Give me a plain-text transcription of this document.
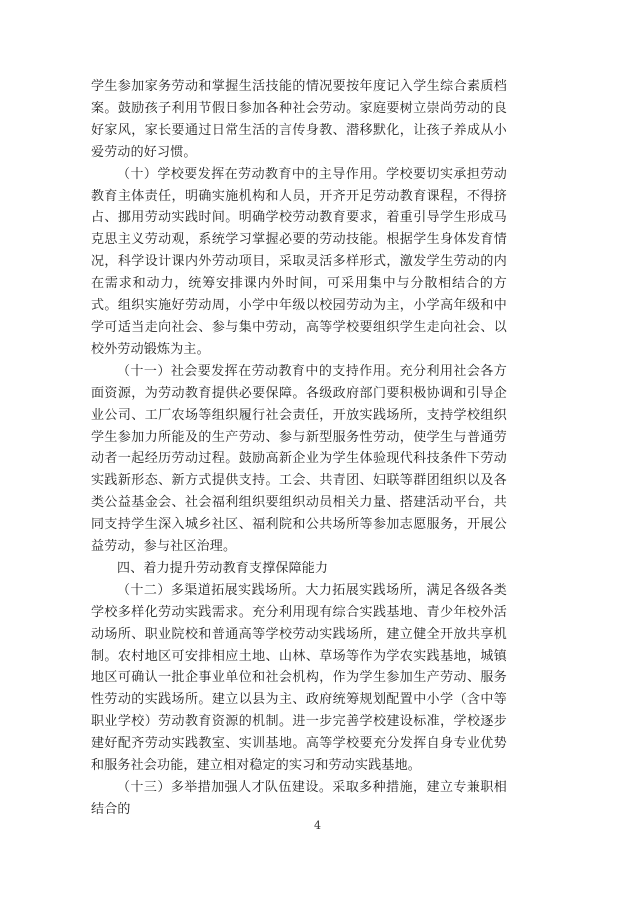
学生参加家务劳动和掌握生活技能的情况要按年度记入学生综合素质档案。鼓励孩子利用节假日参加各种社会劳动。家庭要树立崇尚劳动的良好家风，家长要通过日常生活的言传身教、潜移默化，让孩子养成从小爱劳动的好习惯。

（十）学校要发挥在劳动教育中的主导作用。学校要切实承担劳动教育主体责任，明确实施机构和人员，开齐开足劳动教育课程，不得挤占、挪用劳动实践时间。明确学校劳动教育要求，着重引导学生形成马克思主义劳动观，系统学习掌握必要的劳动技能。根据学生身体发育情况，科学设计课内外劳动项目，采取灵活多样形式，激发学生劳动的内在需求和动力，统筹安排课内外时间，可采用集中与分散相结合的方式。组织实施好劳动周，小学中年级以校园劳动为主，小学高年级和中学可适当走向社会、参与集中劳动，高等学校要组织学生走向社会、以校外劳动锻炼为主。

（十一）社会要发挥在劳动教育中的支持作用。充分利用社会各方面资源，为劳动教育提供必要保障。各级政府部门要积极协调和引导企业公司、工厂农场等组织履行社会责任，开放实践场所，支持学校组织学生参加力所能及的生产劳动、参与新型服务性劳动，使学生与普通劳动者一起经历劳动过程。鼓励高新企业为学生体验现代科技条件下劳动实践新形态、新方式提供支持。工会、共青团、妇联等群团组织以及各类公益基金会、社会福利组织要组织动员相关力量、搭建活动平台，共同支持学生深入城乡社区、福利院和公共场所等参加志愿服务，开展公益劳动，参与社区治理。

四、着力提升劳动教育支撑保障能力

（十二）多渠道拓展实践场所。大力拓展实践场所，满足各级各类学校多样化劳动实践需求。充分利用现有综合实践基地、青少年校外活动场所、职业院校和普通高等学校劳动实践场所，建立健全开放共享机制。农村地区可安排相应土地、山林、草场等作为学农实践基地，城镇地区可确认一批企事业单位和社会机构，作为学生参加生产劳动、服务性劳动的实践场所。建立以县为主、政府统筹规划配置中小学（含中等职业学校）劳动教育资源的机制。进一步完善学校建设标准，学校逐步建好配齐劳动实践教室、实训基地。高等学校要充分发挥自身专业优势和服务社会功能，建立相对稳定的实习和劳动实践基地。

（十三）多举措加强人才队伍建设。采取多种措施，建立专兼职相结合的

4
